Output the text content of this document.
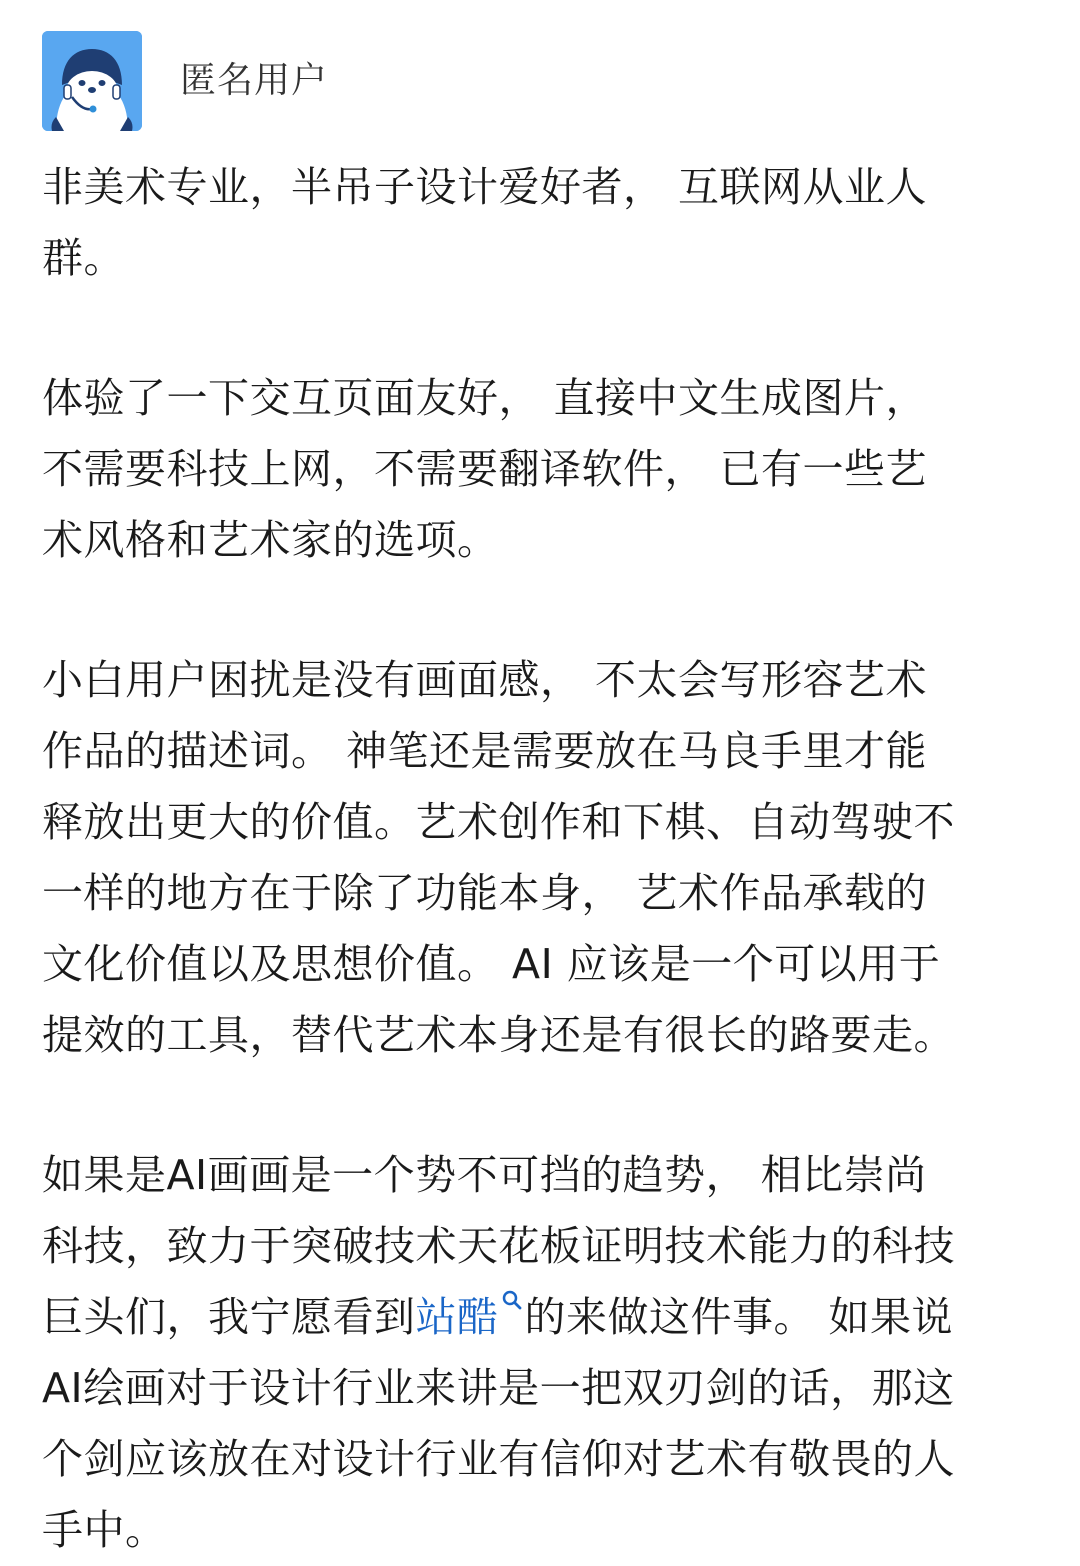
匿名用户
非美术专业，半吊子设计爱好者， 互联网从业人
群。
体验了一下交互页面友好， 直接中文生成图片，
不需要科技上网，不需要翻译软件， 已有一些艺
术风格和艺术家的选项。
小白用户困扰是没有画面感， 不太会写形容艺术
作品的描述词。 神笔还是需要放在马良手里才能
释放出更大的价值。艺术创作和下棋、自动驾驶不
一样的地方在于除了功能本身， 艺术作品承载的
文化价值以及思想价值。 AI 应该是一个可以用于
提效的工具，替代艺术本身还是有很长的路要走。
如果是AI画画是一个势不可挡的趋势， 相比崇尚
科技，致力于突破技术天花板证明技术能力的科技
巨头们，我宁愿看到站酷 的来做这件事。 如果说
AI绘画对于设计行业来讲是一把双刃剑的话，那这
个剑应该放在对设计行业有信仰对艺术有敬畏的人
手中。
